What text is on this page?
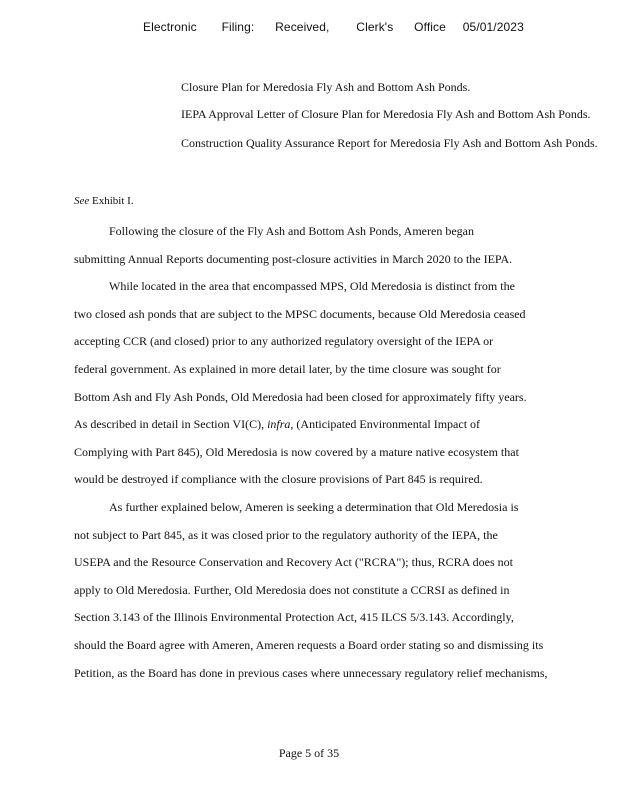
Electronic Filing: Received, Clerk's Office 05/01/2023
Closure Plan for Meredosia Fly Ash and Bottom Ash Ponds.
IEPA Approval Letter of Closure Plan for Meredosia Fly Ash and Bottom Ash Ponds.
Construction Quality Assurance Report for Meredosia Fly Ash and Bottom Ash Ponds.
See Exhibit I.
Following the closure of the Fly Ash and Bottom Ash Ponds, Ameren began
submitting Annual Reports documenting post-closure activities in March 2020 to the IEPA.
While located in the area that encompassed MPS, Old Meredosia is distinct from the
two closed ash ponds that are subject to the MPSC documents, because Old Meredosia ceased
accepting CCR (and closed) prior to any authorized regulatory oversight of the IEPA or
federal government. As explained in more detail later, by the time closure was sought for
Bottom Ash and Fly Ash Ponds, Old Meredosia had been closed for approximately fifty years.
As described in detail in Section VI(C), infra, (Anticipated Environmental Impact of
Complying with Part 845), Old Meredosia is now covered by a mature native ecosystem that
would be destroyed if compliance with the closure provisions of Part 845 is required.
As further explained below, Ameren is seeking a determination that Old Meredosia is
not subject to Part 845, as it was closed prior to the regulatory authority of the IEPA, the
USEPA and the Resource Conservation and Recovery Act ("RCRA"); thus, RCRA does not
apply to Old Meredosia. Further, Old Meredosia does not constitute a CCRSI as defined in
Section 3.143 of the Illinois Environmental Protection Act, 415 ILCS 5/3.143. Accordingly,
should the Board agree with Ameren, Ameren requests a Board order stating so and dismissing its
Petition, as the Board has done in previous cases where unnecessary regulatory relief mechanisms,
Page 5 of 35
